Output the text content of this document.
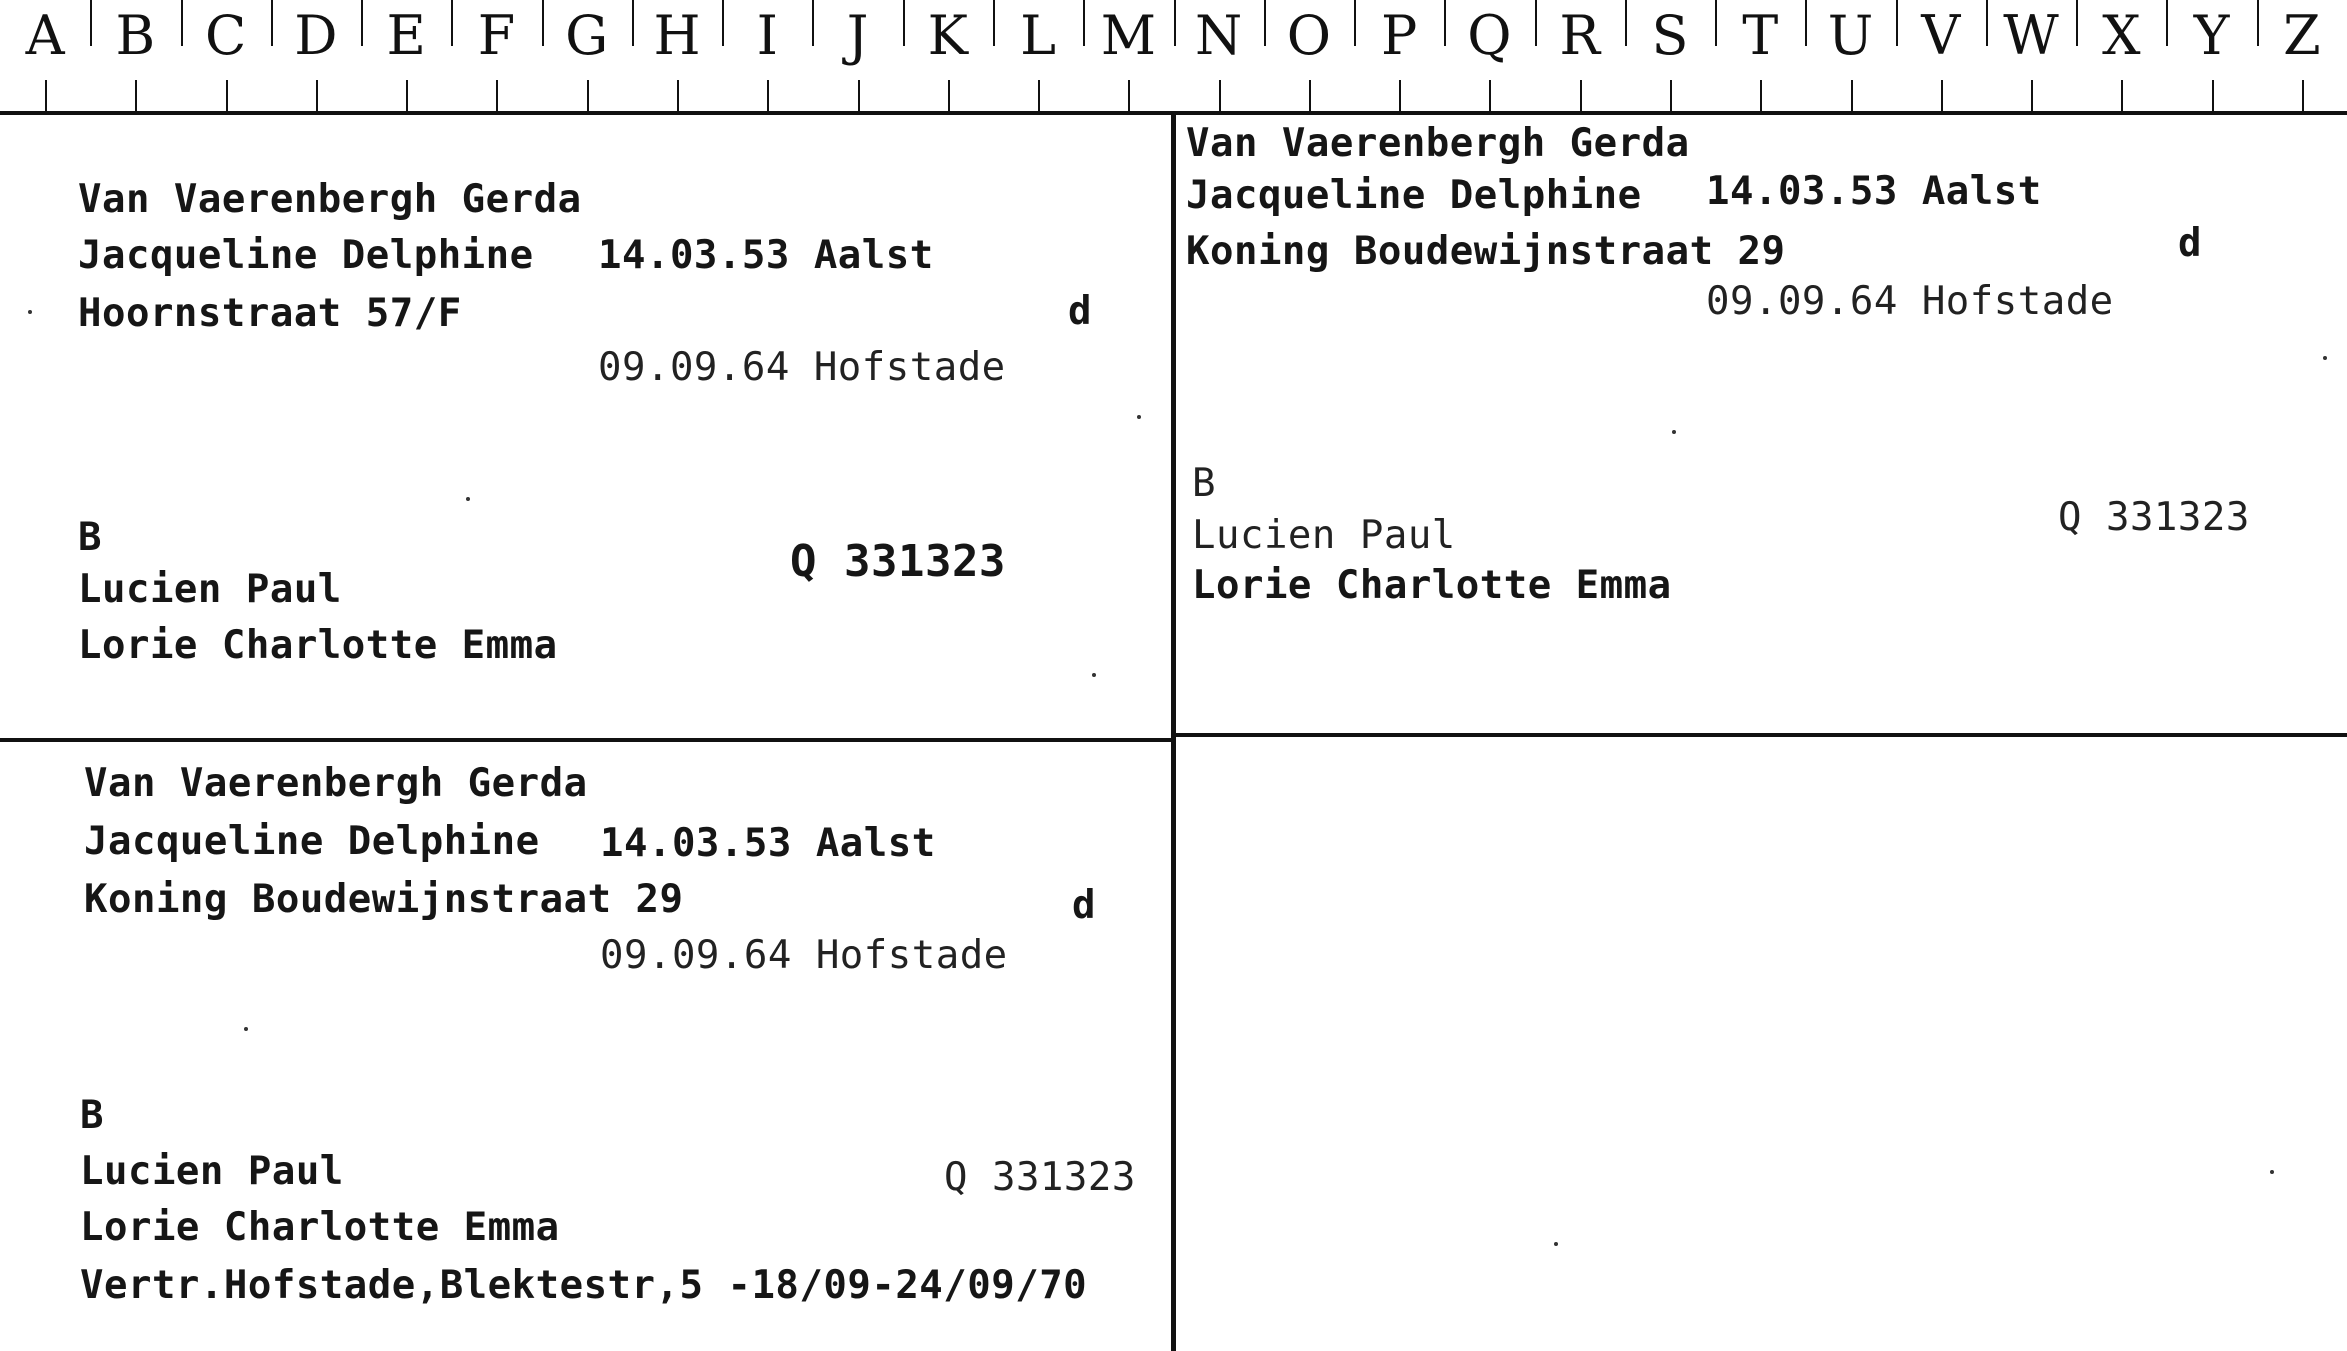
A B C D E F G H	I	J	K L M N O P Q R S T U V W X Y Z
Van Vaerenbergh Gerda
Jacqueline Delphine 14.03.53 Aalst
Hoornstraat 57/F	d
09.09.64 Hofstade
B	Q 331323
Lucien Paul
Lorie Charlotte Emma
Van Vaerenbergh Gerda
Jacqueline Delphine 14.03.53 Aalst
Koning Boudewijnstraat 29	d
09.09.64 Hofstade
B
Q 331323
Lucien Paul
Lorie Charlotte Emma
Van Vaerenbergh Gerda
Jacqueline Delphine 14.03.53 Aalst
Koning Boudewijnstraat 29	d
09.09.64 Hofstade
B
Lucien Paul	Q 331323
Lorie Charlotte Emma
Vertr.Hofstade,Blektestr,5 -18/09-24/09/70
